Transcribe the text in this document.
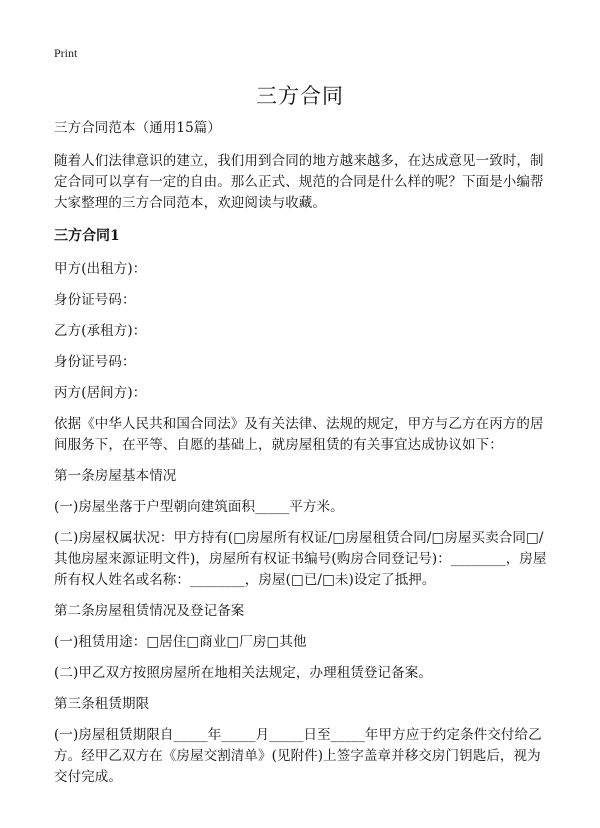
Print
三方合同

三方合同范本（通用15篇）

随着人们法律意识的建立，我们用到合同的地方越来越多，在达成意见一致时，制定合同可以享有一定的自由。那么正式、规范的合同是什么样的呢？下面是小编帮大家整理的三方合同范本，欢迎阅读与收藏。

三方合同1

甲方(出租方)：

身份证号码：

乙方(承租方)：

身份证号码：

丙方(居间方)：

依据《中华人民共和国合同法》及有关法律、法规的规定，甲方与乙方在丙方的居间服务下，在平等、自愿的基础上，就房屋租赁的有关事宜达成协议如下：

第一条房屋基本情况

(一)房屋坐落于户型朝向建筑面积_____平方米。

(二)房屋权属状况：甲方持有(□房屋所有权证/□房屋租赁合同/□房屋买卖合同□/其他房屋来源证明文件)，房屋所有权证书编号(购房合同登记号)：________，房屋所有权人姓名或名称：________，房屋(□已/□未)设定了抵押。

第二条房屋租赁情况及登记备案

(一)租赁用途：□居住□商业□厂房□其他

(二)甲乙双方按照房屋所在地相关法规定，办理租赁登记备案。

第三条租赁期限

(一)房屋租赁期限自_____年_____月_____日至_____年甲方应于约定条件交付给乙方。经甲乙双方在《房屋交割清单》(见附件)上签字盖章并移交房门钥匙后，视为交付完成。
